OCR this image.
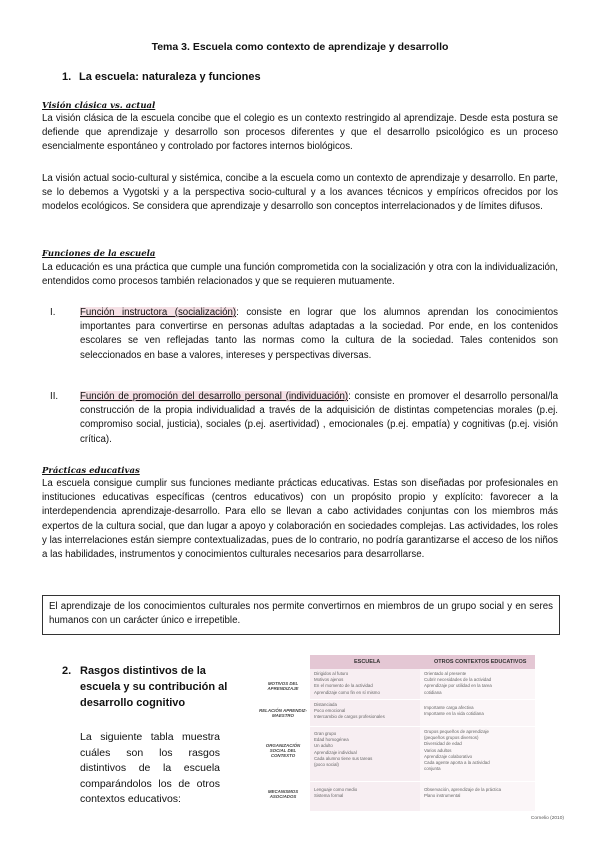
Tema 3. Escuela como contexto de aprendizaje y desarrollo
1. La escuela: naturaleza y funciones
Visión clásica vs. actual

La visión clásica de la escuela concibe que el colegio es un contexto restringido al aprendizaje. Desde esta postura se defiende que aprendizaje y desarrollo son procesos diferentes y que el desarrollo psicológico es un proceso esencialmente espontáneo y controlado por factores internos biológicos.

La visión actual socio-cultural y sistémica, concibe a la escuela como un contexto de aprendizaje y desarrollo. En parte, se lo debemos a Vygotski y a la perspectiva socio-cultural y a los avances técnicos y empíricos ofrecidos por los modelos ecológicos. Se considera que aprendizaje y desarrollo son conceptos interrelacionados y de límites difusos.

Funciones de la escuela

La educación es una práctica que cumple una función comprometida con la socialización y otra con la individualización, entendidos como procesos también relacionados y que se requieren mutuamente.

I.	Función instructora (socialización): consiste en lograr que los alumnos aprendan los conocimientos importantes para convertirse en personas adultas adaptadas a la sociedad. Por ende, en los contenidos escolares se ven reflejadas tanto las normas como la cultura de la sociedad. Tales contenidos son seleccionados en base a valores, intereses y perspectivas diversas.

II. Función de promoción del desarrollo personal (individuación): consiste en promover el desarrollo personal/la construcción de la propia individualidad a través de la adquisición de distintas competencias morales (p.ej. compromiso social, justicia), sociales (p.ej. asertividad) , emocionales (p.ej. empatía) y cognitivas (p.ej. visión crítica).

Prácticas educativas

La escuela consigue cumplir sus funciones mediante prácticas educativas. Estas son diseñadas por profesionales en instituciones educativas específicas (centros educativos) con un propósito propio y explícito: favorecer a la interdependencia aprendizaje-desarrollo. Para ello se llevan a cabo actividades conjuntas con los miembros más expertos de la cultura social, que dan lugar a apoyo y colaboración en sociedades complejas. Las actividades, los roles y las interrelaciones están siempre contextualizadas, pues de lo contrario, no podría garantizarse el acceso de los niños a las habilidades, instrumentos y conocimientos culturales necesarios para desarrollarse.

El aprendizaje de los conocimientos culturales nos permite convertirnos en miembros de un grupo social y en seres humanos con un carácter único e irrepetible.
2. Rasgos distintivos de la escuela y su contribución al desarrollo cognitivo

La siguiente tabla muestra cuáles son los rasgos distintivos de la escuela comparándolos los de otros contextos educativos:

ESCUELA	OTROS CONTEXTOS EDUCATIVOS
MOTIVOS DEL APRENDIZAJE
Dirigidos al futuro
Motivos ajenos
En el momento de la actividad
Aprendizaje como fin en sí mismo
Orientado al presente
Cubrir necesidades de la actividad
Aprendizaje por utilidad en la tarea
cotidiana
RELACIÓN APRENDIZ-MAESTRO
Distanciada
Poco emocional
Intercambio de cargos profesionales
Importante carga afectiva
Importante en la vida cotidiana
ORGANIZACIÓN SOCIAL DEL CONTEXTO
Gran grupo
Edad homogénea
Un adulto
Aprendizaje individual
Cada alumno tiene sus tareas
(poco social)
Grupos pequeños de aprendizaje
(pequeños grupos diversos)
Diversidad de edad
Varios adultos
Aprendizaje colaborativo
Cada agente aporta a la actividad
conjunta
MECANISMOS ASOCIADOS
Lenguaje como medio
Sistema formal
Observación, aprendizaje de la práctica
Plano instrumental
Cornelio (2010)
